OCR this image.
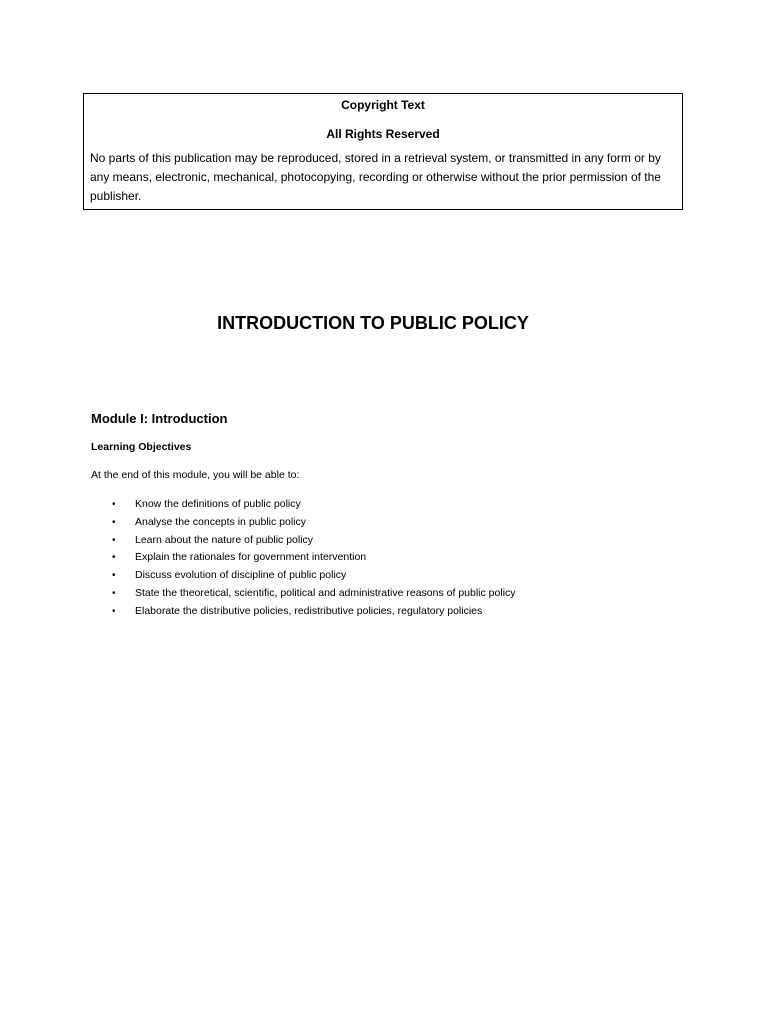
Copyright Text
All Rights Reserved
No parts of this publication may be reproduced, stored in a retrieval system, or transmitted in any form or by any means, electronic, mechanical, photocopying, recording or otherwise without the prior permission of the publisher.
INTRODUCTION TO PUBLIC POLICY
Module I: Introduction
Learning Objectives
At the end of this module, you will be able to:
• Know the definitions of public policy
• Analyse the concepts in public policy
• Learn about the nature of public policy
• Explain the rationales for government intervention
• Discuss evolution of discipline of public policy
• State the theoretical, scientific, political and administrative reasons of public policy
• Elaborate the distributive policies, redistributive policies, regulatory policies
